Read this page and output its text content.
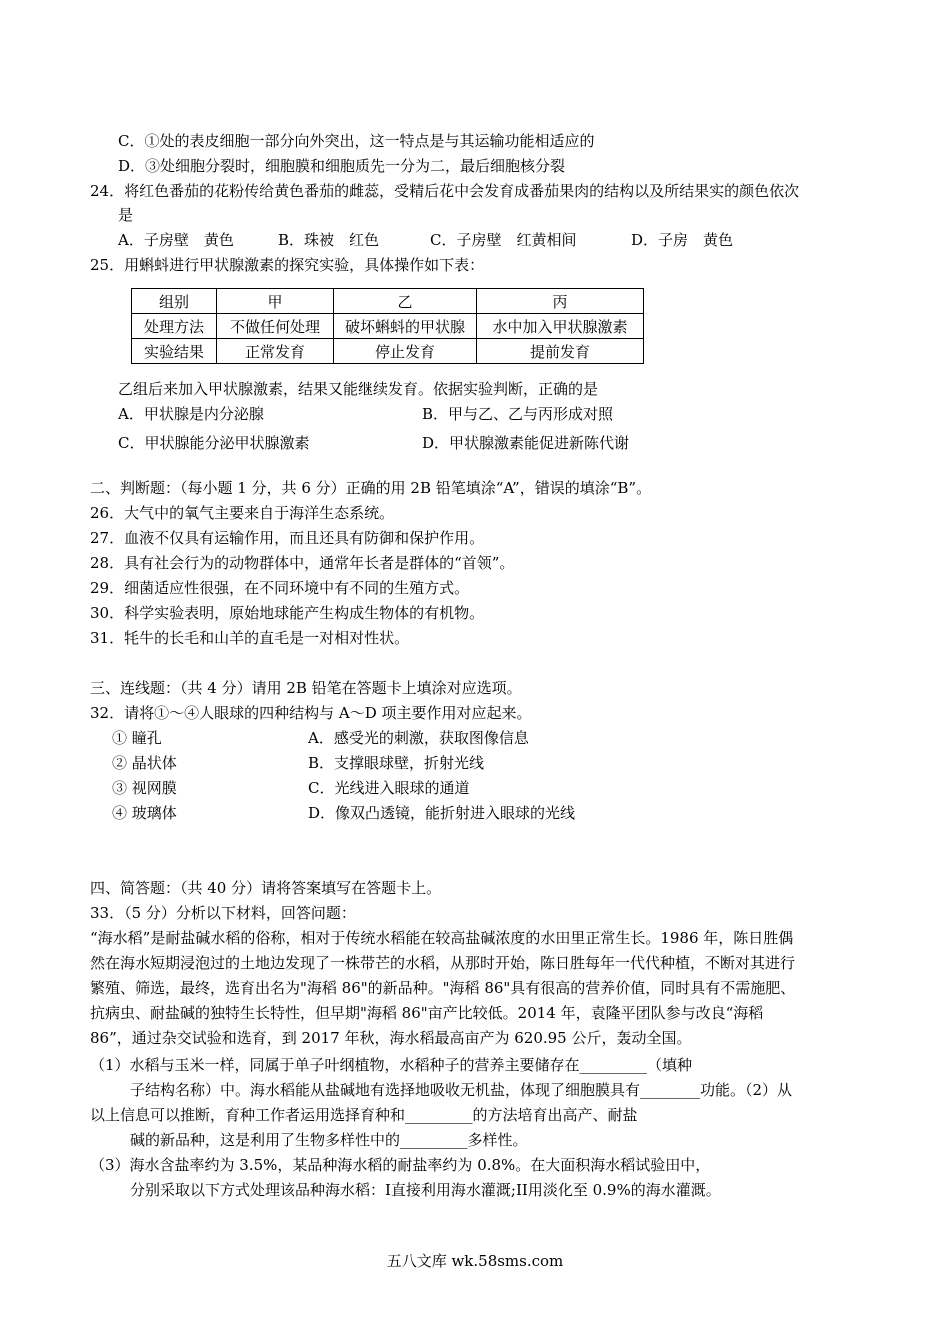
C．①处的表皮细胞一部分向外突出，这一特点是与其运输功能相适应的
D．③处细胞分裂时，细胞膜和细胞质先一分为二，最后细胞核分裂
24．将红色番茄的花粉传给黄色番茄的雌蕊，受精后花中会发育成番茄果肉的结构以及所结果实的颜色依次
是
A．子房壁　黄色	B．珠被　红色	C．子房壁　红黄相间	D．子房　黄色
25．用蝌蚪进行甲状腺激素的探究实验，具体操作如下表：
组别	甲	乙	丙
处理方法	不做任何处理	破坏蝌蚪的甲状腺	水中加入甲状腺激素
实验结果	正常发育	停止发育	提前发育
乙组后来加入甲状腺激素，结果又能继续发育。依据实验判断，正确的是
A．甲状腺是内分泌腺	B．甲与乙、乙与丙形成对照
C．甲状腺能分泌甲状腺激素	D．甲状腺激素能促进新陈代谢
二、判断题：（每小题 1 分，共 6 分）正确的用 2B 铅笔填涂“A”，错误的填涂“B”。
26．大气中的氧气主要来自于海洋生态系统。
27．血液不仅具有运输作用，而且还具有防御和保护作用。
28．具有社会行为的动物群体中，通常年长者是群体的“首领”。
29．细菌适应性很强，在不同环境中有不同的生殖方式。
30．科学实验表明，原始地球能产生构成生物体的有机物。
31．牦牛的长毛和山羊的直毛是一对相对性状。
三、连线题：（共 4 分）请用 2B 铅笔在答题卡上填涂对应选项。
32．请将①～④人眼球的四种结构与 A～D 项主要作用对应起来。
① 瞳孔	A．感受光的刺激，获取图像信息
② 晶状体	B．支撑眼球壁，折射光线
③ 视网膜	C．光线进入眼球的通道
④ 玻璃体	D．像双凸透镜，能折射进入眼球的光线
四、简答题：（共 40 分）请将答案填写在答题卡上。
33．（5 分）分析以下材料，回答问题：
“海水稻”是耐盐碱水稻的俗称，相对于传统水稻能在较高盐碱浓度的水田里正常生长。1986 年，陈日胜偶
然在海水短期浸泡过的土地边发现了一株带芒的水稻，从那时开始，陈日胜每年一代代种植，不断对其进行
繁殖、筛选，最终，选育出名为"海稻 86"的新品种。"海稻 86"具有很高的营养价值，同时具有不需施肥、
抗病虫、耐盐碱的独特生长特性，但早期"海稻 86"亩产比较低。2014 年，袁隆平团队参与改良“海稻
86”，通过杂交试验和选育，到 2017 年秋，海水稻最高亩产为 620.95 公斤，轰动全国。
（1）水稻与玉米一样，同属于单子叶纲植物，水稻种子的营养主要储存在_________（填种
子结构名称）中。海水稻能从盐碱地有选择地吸收无机盐，体现了细胞膜具有________功能。（2）从
以上信息可以推断，育种工作者运用选择育种和_________的方法培育出高产、耐盐
碱的新品种，这是利用了生物多样性中的_________多样性。
（3）海水含盐率约为 3.5%，某品种海水稻的耐盐率约为 0.8%。在大面积海水稻试验田中，
分别采取以下方式处理该品种海水稻：I直接利用海水灌溉;II用淡化至 0.9%的海水灌溉。
五八文库 wk.58sms.com
